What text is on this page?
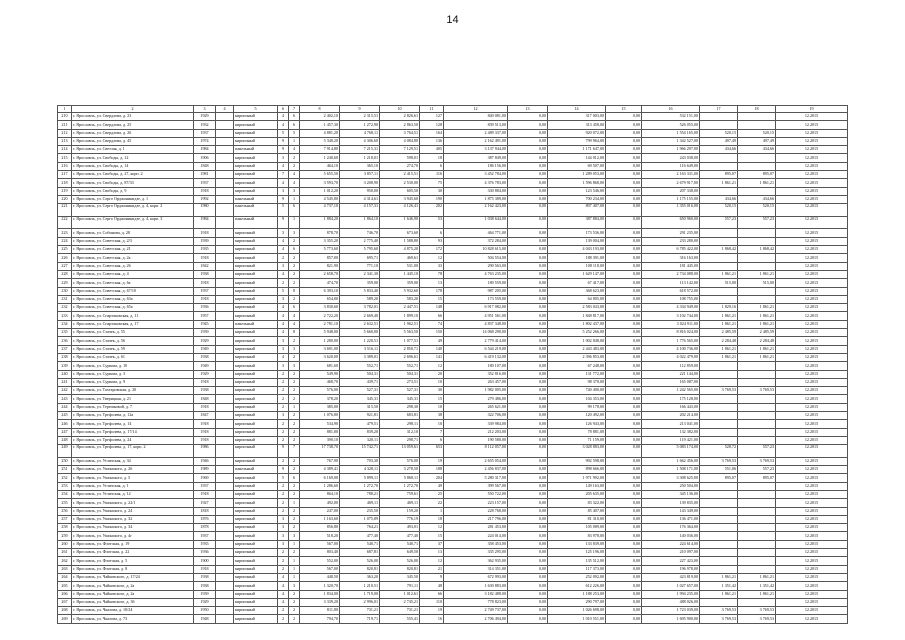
14
1	2	3	4	5	6	7	8	9	10	11	12	13	14	15	16	17	18	19
210	г. Ярославль, ул. Свердлова, д. 23	1929		кирпичный	4	6	2 402,10	2 315,51	2 826,61	127	840 081,00	0,00	317 003,00	0,00	532 151,00			12.2015
211	г. Ярославль, ул. Свердлова, д. 25	1932		кирпичный	4	6	1 457,30	1 272,90	2 863,50	128	839 513,00	0,00	313 458,00	0,00	526 055,00			12.2015
212	г. Ярославль, ул. Свердлова, д. 26	1937		кирпичный	5	5	4 881,20	4 768,11	3 764,51	164	2 489 337,00	0,00	920 072,00	0,00	1 554 165,00	520,15	520,15	12.2015
213	г. Ярославль, ул. Свердлова, д. 45	1974		кирпичный	9	1	5 340,20	4 306,60	4 084,80	136	2 162 491,00	0,00	799 964,00	0,00	1 342 527,00	497,49	497,49	12.2015
214	г. Ярославль, ул. Светлая, д. 1	1984		панельный	9	4	7 914,80	7 215,31	7 129,51	405	3 137 944,00	0,00	1 171 647,00	0,00	1 966 297,00	434,66	434,66	12.2015
215	г. Ярославль, ул. Свободы, д. 12	1906		кирпичный	3	2	1 240,60	1 218,01	598,01	18	387 849,00	0,00	144 012,00	0,00	243 038,00			12.2015
216	г. Ярославль, ул. Свободы, д. 14	1848		кирпичный	4	2	464,10	365,10	274,70	6	186 156,00	0,00	69 507,00	0,00	116 649,00			12.2015
217	г. Ярославль, ул. Свободы, д. 27, корп. 2	1981		кирпичный	7	4	5 655,50	3 857,11	2 415,51	116	3 452 784,00	0,00	1 289 053,00	0,00	2 163 331,00	895,07	895,07	12.2015
218	г. Ярославль, ул. Свободы, д. 87/33	1937		кирпичный	4	4	3 593,70	3 208,90	2 530,00	75	4 376 783,00	0,00	1 596 868,00	0,00	2 679 917,00	1 861,21	1 861,21	12.2015
219	г. Ярославль, ул. Свободы, д. 9	1918		кирпичный	3	3	1 012,20	950,00	605,50	30	330 884,00	0,00	123 546,00	0,00	207 338,00			12.2015
220	г. Ярославль, ул. Серго Орджоникидзе, д. 1	1992		панельный	9	1	4 545,80	4 314,61	3 945,60	190	1 875 389,00	0,00	700 234,00	0,00	1 175 155,00	434,66	434,66	12.2015
221	г. Ярославль, ул. Серго Орджоникидзе, д. 4, корп. 2	1980		панельный	5	6	4 737,10	4 157,31	4 126,41	202	2 162 423,00	0,00	807 407,00	0,00	1 355 016,00	520,15	520,15	12.2015
222	г. Ярославль, ул. Серго Орджоникидзе, д. 4, корп. 3	1984		панельный	9	1	1 884,20	1 864,10	1 646,90	53	1 038 644,00	0,00	387 884,00	0,00	650 960,00	557,23	557,23	12.2015
223	г. Ярославль, ул. Собинова, д. 28	1918		кирпичный	3	3	878,70	746,70	673,60	6	464 771,00	0,00	173 536,00	0,00	291 235,00			12.2015
224	г. Ярославль, ул. Советская, д. 2/3	1939		кирпичный	4	2	3 355,20	2 775,40	1 588,80	93	372 284,00	0,00	139 004,00	0,00	233 280,00			12.2015
225	г. Ярославль, ул. Советская, д. 21	1935		кирпичный	4	6	5 773,60	5 795,60	4 875,20	172	10 828 615,00	0,00	4 043 193,00	0,00	6 785 422,00	1 868,42	1 868,42	12.2015
226	г. Ярославль, ул. Советская, д. 2а	1918		кирпичный	2	2	857,00	695,71	469,61	12	504 554,00	0,00	188 391,00	0,00	316 163,00			12.2015
227	г. Ярославль, ул. Советская, д. 26	1842		кирпичный	3	2	821,90	771,10	531,00	33	290 563,00	0,00	108 118,00	0,00	181 445,00			12.2015
228	г. Ярославль, ул. Советская, д. 4	1938		кирпичный	4	2	2 658,70	2 341,30	1 445,10	78	4 763 235,00	0,00	1 629 147,00	0,00	2 734 088,00	1 861,21	1 861,21	12.2015
229	г. Ярославль, ул. Советская, д. 6а	1918		кирпичный	2	2	474,70	359,00	359,00	13	180 559,00	0,00	67 417,00	0,00	113 142,00	515,00	515,00	12.2015
230	г. Ярославль, ул. Советская, д. 67/10	1937		кирпичный	5	8	6 393,10	5 833,40	5 932,60	178	987 205,00	0,00	368 623,00	0,00	618 572,00			12.2015
231	г. Ярославль, ул. Советская, д. 63а	1918		кирпичный	3	2	654,00	589,20	583,20	15	173 559,00	0,00	64 805,00	0,00	108 755,00			12.2015
232	г. Ярославль, ул. Советская, д. 65а	1936		кирпичный	4	6	3 830,60	3 782,01	2 447,51	148	6 917 082,00	0,00	2 583 043,00	0,00	4 334 949,00	1 829,16	1 861,21	12.2015
233	г. Ярославль, ул. Спартаковская, д. 11	1957		кирпичный	4	4	2 722,20	2 669,40	1 899,10	66	4 951 561,00	0,00	1 848 817,00	0,00	3 102 744,00	1 861,21	1 861,21	12.2015
234	г. Ярославль, ул. Спартаковская, д. 17	1945		панельный	4	4	2 781,10	2 632,51	1 962,51	74	4 837 348,00	0,00	1 802 437,00	0,00	3 024 911,00	1 861,21	1 861,21	12.2015
235	г. Ярославль, ул. Стачек, д. 55	1939		кирпичный	4	8	5 948,00	5 660,00	5 563,50	150	14 068 290,00	0,00	5 252 266,00	0,00	8 816 024,00	2 485,59	2 485,59	12.2015
236	г. Ярославль, ул. Стачек, д. 56	1929		кирпичный	3	2	1 280,00	1 220,51	1 077,51	49	2 779 414,00	0,00	1 002 848,00	0,00	1 776 565,00	2 284,48	2 284,48	12.2015
237	г. Ярославль, ул. Стачек, д. 59	1949		кирпичный	3	3	3 691,00	3 516,11	2 850,71	140	6 544 219,00	0,00	2 443 483,00	0,00	4 100 736,00	1 861,21	1 861,21	12.2015
238	г. Ярославль, ул. Стачек, д. 61	1938		кирпичный	4	2	3 620,00	3 389,01	2 696,61	141	6 419 132,00	0,00	2 396 853,00	0,00	4 022 479,00	1 861,21	1 861,21	12.2015
239	г. Ярославль, ул. Суркова, д. 10	1949		кирпичный	3	3	681,60	552,71	552,71	12	180 107,00	0,00	67 248,00	0,00	112 859,00			12.2015
240	г. Ярославль, ул. Суркова, д. 3	1929		кирпичный	2	2	549,90	504,31	504,31	20	352 816,00	0,00	131 772,00	0,00	221 144,00			12.2015
241	г. Ярославль, ул. Суркова, д. 9	1918		кирпичный	2	2	468,70	439,71	273,51	10	263 457,00	0,00	98 370,00	0,00	165 087,00			12.2015
242	г. Ярославль, ул. Тахтаровская, д. 20	1938		кирпичный	2	2	576,00	527,31	527,31	30	1 982 005,00	0,00	740 400,00	0,00	1 242 565,00	3 769,53	3 769,53	12.2015
243	г. Ярославль, ул. Тверицкая, д. 21	1848		кирпичный	2	2	378,20	345,31	345,31	15	279 486,00	0,00	104 353,00	0,00	175 128,00			12.2015
244	г. Ярославль, ул. Терешковой, д. 7	1918		кирпичный	2	1	385,00	315,50	298,30	10	265 621,00	0,00	99 178,00	0,00	166 443,00			12.2015
245	г. Ярославль, ул. Трефолева, д. 12а	1847		кирпичный	3	2	1 076,80	921,81	683,81	38	322 706,00	0,00	120 492,00	0,00	202 214,00			12.2015
246	г. Ярославль, ул. Трефолева, д. 14	1918		кирпичный	2	2	534,90	479,51	298,11	10	339 984,00	0,00	126 943,00	0,00	213 041,00			12.2015
247	г. Ярославль, ул. Трефолева, д. 17/14	1918		кирпичный	2	2	881,00	839,20	312,10	7	212 203,00	0,00	78 881,00	0,00	132 382,00			12.2015
248	г. Ярославль, ул. Трефолева, д. 24	1918		кирпичный	2	2	390,10	320,11	298,71	6	190 580,00	0,00	71 159,00	0,00	119 421,00			12.2015
249	г. Ярославль, ул. Трефолева, д. 17, корп. 2	1986		кирпичный	9	7	17 738,70	15 742,71	13 059,61	653	8 112 057,00	0,00	3 028 883,00	0,00	5 083 174,00	528,72	557,23	12.2015
250	г. Ярославль, ул. Угличская, д. 34	1946		кирпичный	2	2	767,90	703,30	576,00	19	2 655 054,00	0,00	992 598,00	0,00	1 662 456,00	3 769,53	3 769,53	12.2015
251	г. Ярославль, ул. Ушинского, д. 26	1989		панельный	9	2	4 389,41	4 328,11	3 278,50	188	2 456 837,00	0,00	898 666,00	0,00	1 508 171,00	551,06	557,23	12.2015
252	г. Ярославль, ул. Ушинского, д. 5	1969		кирпичный	5	6	6 169,00	5 899,11	5 868,11	204	5 280 317,00	0,00	1 971 992,00	0,00	3 308 625,00	895,07	895,07	12.2015
253	г. Ярославль, ул. Угличская, д. 1	1937		кирпичный	2	2	1 286,60	1 272,70	1 272,70	49	399 567,00	0,00	149 163,00	0,00	250 504,00			12.2015
254	г. Ярославль, ул. Угличская, д. 12	1918		кирпичный	2	2	864,10	788,21	759,61	25	550 722,00	0,00	205 635,00	0,00	345 136,00			12.2015
255	г. Ярославль, ул. Ушинского, д. 22/1	1927		кирпичный	2	1	492,00	469,11	469,11	22	223 157,00	0,00	83 322,00	0,00	139 835,00			12.2015
256	г. Ярославль, ул. Ушинского, д. 24	1818		кирпичный	2	2	247,00	235,50	159,20	1	228 768,00	0,00	85 407,00	0,00	143 349,00			12.2015
257	г. Ярославль, ул. Ушинского, д. 32	1876		кирпичный	3	2	1 163,60	1 075,89	776,19	18	217 796,00	0,00	81 310,00	0,00	136 471,00			12.2015
258	г. Ярославль, ул. Ушинского, д. 34	1878		кирпичный	3	2	856,80	764,21	493,01	12	281 453,00	0,00	105 089,00	0,00	176 364,00			12.2015
259	г. Ярославль, ул. Ушинского, д. 4г	1937		кирпичный	3	3	518,20	477,40	477,40	15	224 014,00	0,00	83 978,00	0,00	140 036,00			12.2015
260	г. Ярославль, ул. Флотская, д. 19	1935		кирпичный	3	1	567,00	540,71	540,71	37	358 453,00	0,00	133 839,00	0,00	224 614,00			12.2015
261	г. Ярославль, ул. Флотская, д. 22	1936		кирпичный	2	2	803,40	687,81	649,50	13	335 295,00	0,00	125 196,00	0,00	210 097,00			12.2015
262	г. Ярославль, ул. Флотская, д. 5	1900		кирпичный	2	1	552,00	526,00	526,00	12	362 935,00	0,00	135 512,00	0,00	227 423,00			12.2015
263	г. Ярославль, ул. Флотская, д. 8	1918		кирпичный	2	1	567,00	820,81	820,81	21	314 351,00	0,00	117 373,00	0,00	196 978,00			12.2015
264	г. Ярославль, ул. Чайковского, д. 17/24	1938		кирпичный	4	1	448,50	363,20	345,50	9	672 993,00	0,00	252 092,00	0,00	423 819,00	1 861,21	1 861,21	12.2015
265	г. Ярославль, ул. Чайковского, д. 2а	1938		кирпичный	4	3	1 320,70	1 210,51	791,11	48	1 630 883,00	0,00	612 226,00	0,00	1 027 657,00	1 351,42	1 351,42	12.2015
266	г. Ярославль, ул. Чайковского, д. 2а	1939		кирпичный	4	2	1 834,00	1 719,00	1 012,61	66	3 182 488,00	0,00	1 188 253,00	0,00	1 994 235,00	1 861,21	1 861,21	12.2015
267	г. Ярославль, ул. Чайковского, д. 36	1929		кирпичный	4	2	3 339,20	2 996,01	2 745,21	110	778 823,00	0,00	290 797,00	0,00	488 026,00			12.2015
268	г. Ярославль, ул. Чкалова, д. 10/24	1950		кирпичный	2	2	811,80	731,21	731,21	19	2 749 737,00	0,00	1 026 698,00	0,00	1 723 039,00	3 769,53	3 769,53	12.2015
269	г. Ярославль, ул. Чкалова, д. 73	1948		кирпичный	2	2	794,70	719,71	555,41	16	2 706 494,00	0,00	1 010 551,00	0,00	1 695 900,00	3 769,53	3 769,53	12.2015
